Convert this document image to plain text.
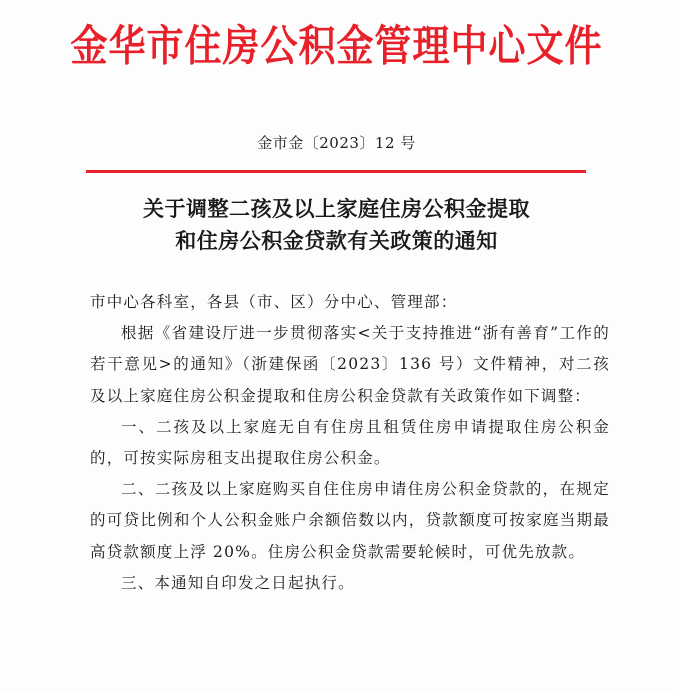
金华市住房公积金管理中心文件
金市金〔2023〕12 号
关于调整二孩及以上家庭住房公积金提取
和住房公积金贷款有关政策的通知

市中心各科室，各县（市、区）分中心、管理部：

根据《省建设厅进一步贯彻落实<关于支持推进“浙有善育”工作的若干意见>的通知》（浙建保函〔2023〕136 号）文件精神，对二孩及以上家庭住房公积金提取和住房公积金贷款有关政策作如下调整：

一、二孩及以上家庭无自有住房且租赁住房申请提取住房公积金的，可按实际房租支出提取住房公积金。

二、二孩及以上家庭购买自住住房申请住房公积金贷款的，在规定的可贷比例和个人公积金账户余额倍数以内，贷款额度可按家庭当期最高贷款额度上浮 20%。住房公积金贷款需要轮候时，可优先放款。

三、本通知自印发之日起执行。
